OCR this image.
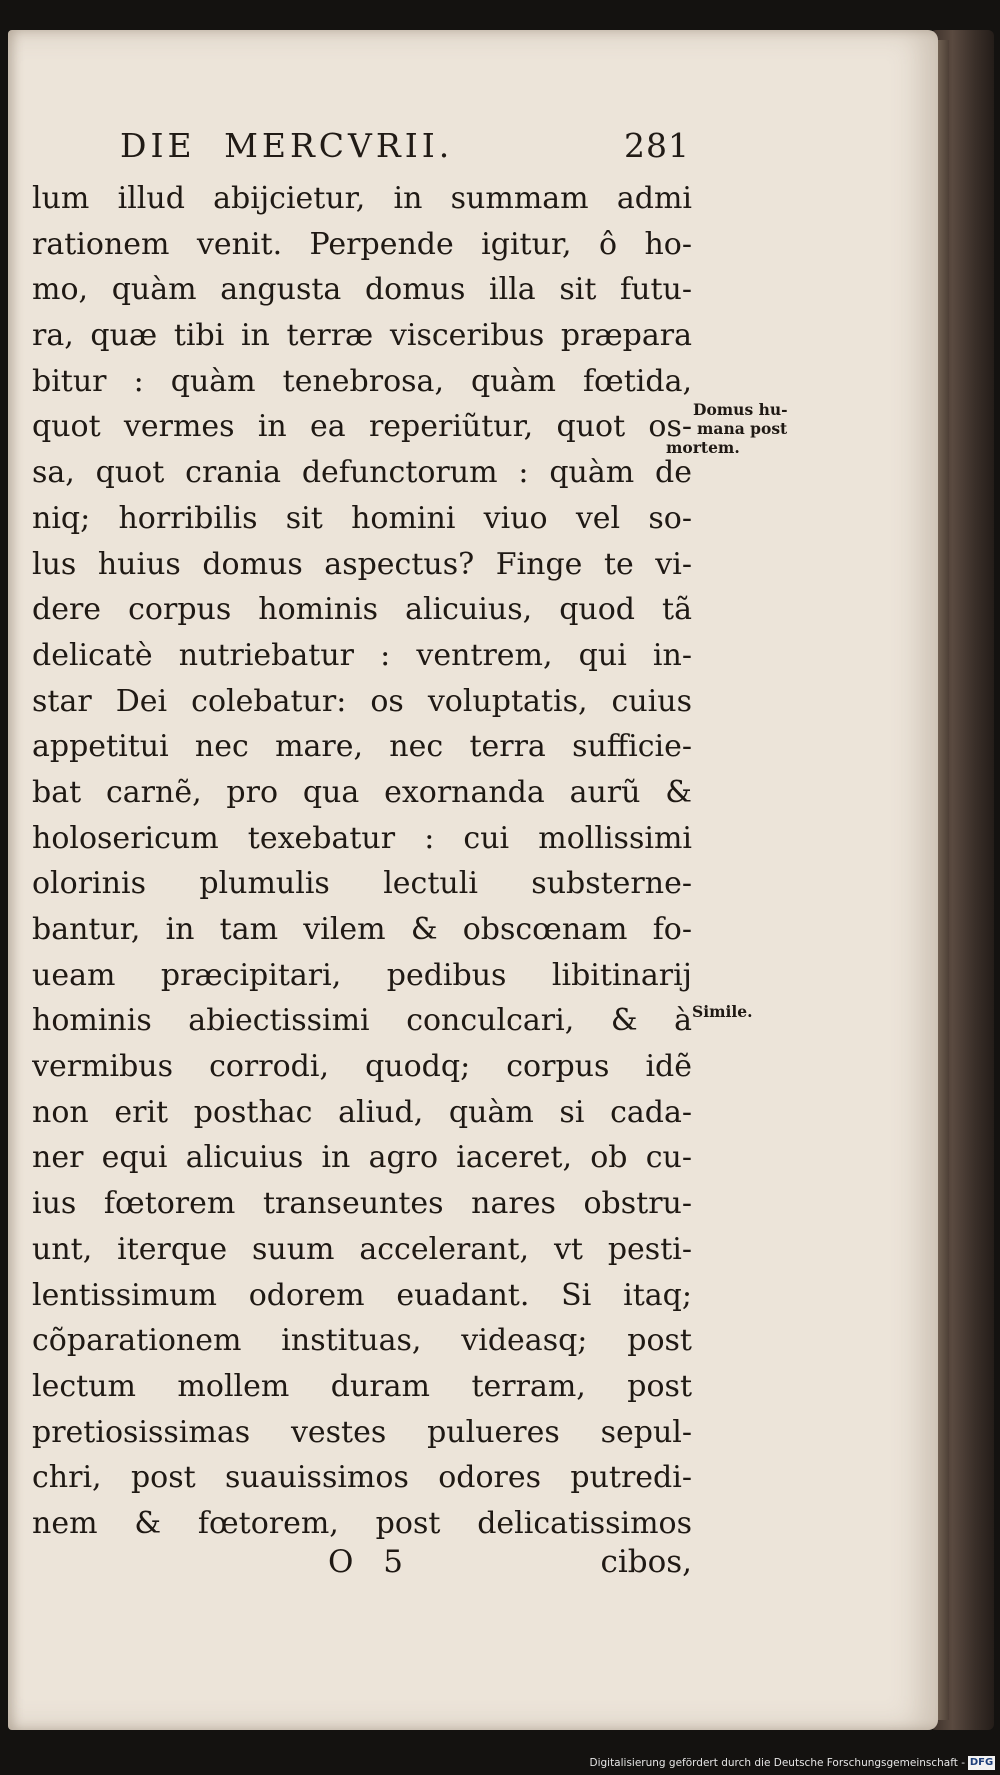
DIE MERCVRII.	281
lum illud abijcietur, in summam admi
rationem venit. Perpende igitur, ô ho-
mo, quàm angusta domus illa sit futu-
ra, quæ tibi in terræ visceribus præpara
bitur : quàm tenebrosa, quàm fœtida,
quot vermes in ea reperiũtur, quot os-
sa, quot crania defunctorum : quàm de
niq; horribilis sit homini viuo vel so-
lus huius domus aspectus? Finge te vi-
dere corpus hominis alicuius, quod tã
delicatè nutriebatur : ventrem, qui in-
star Dei colebatur: os voluptatis, cuius
appetitui nec mare, nec terra sufficie-
bat carnẽ, pro qua exornanda aurũ &
holosericum texebatur : cui mollissimi
olorinis plumulis lectuli substerne-
bantur, in tam vilem & obscœnam fo-
ueam præcipitari, pedibus libitinarij
hominis abiectissimi conculcari, & à
vermibus corrodi, quodq; corpus idẽ
non erit posthac aliud, quàm si cada-
ner equi alicuius in agro iaceret, ob cu-
ius fœtorem transeuntes nares obstru-
unt, iterque suum accelerant, vt pesti-
lentissimum odorem euadant. Si itaq;
cõparationem instituas, videasq; post
lectum mollem duram terram, post
pretiosissimas vestes pulueres sepul-
chri, post suauissimos odores putredi-
nem & fœtorem, post delicatissimos
Domus hu-
mana post
mortem.
Simile.
O 5	cibos,
Digitalisierung gefördert durch die Deutsche Forschungsgemeinschaft - DFG
